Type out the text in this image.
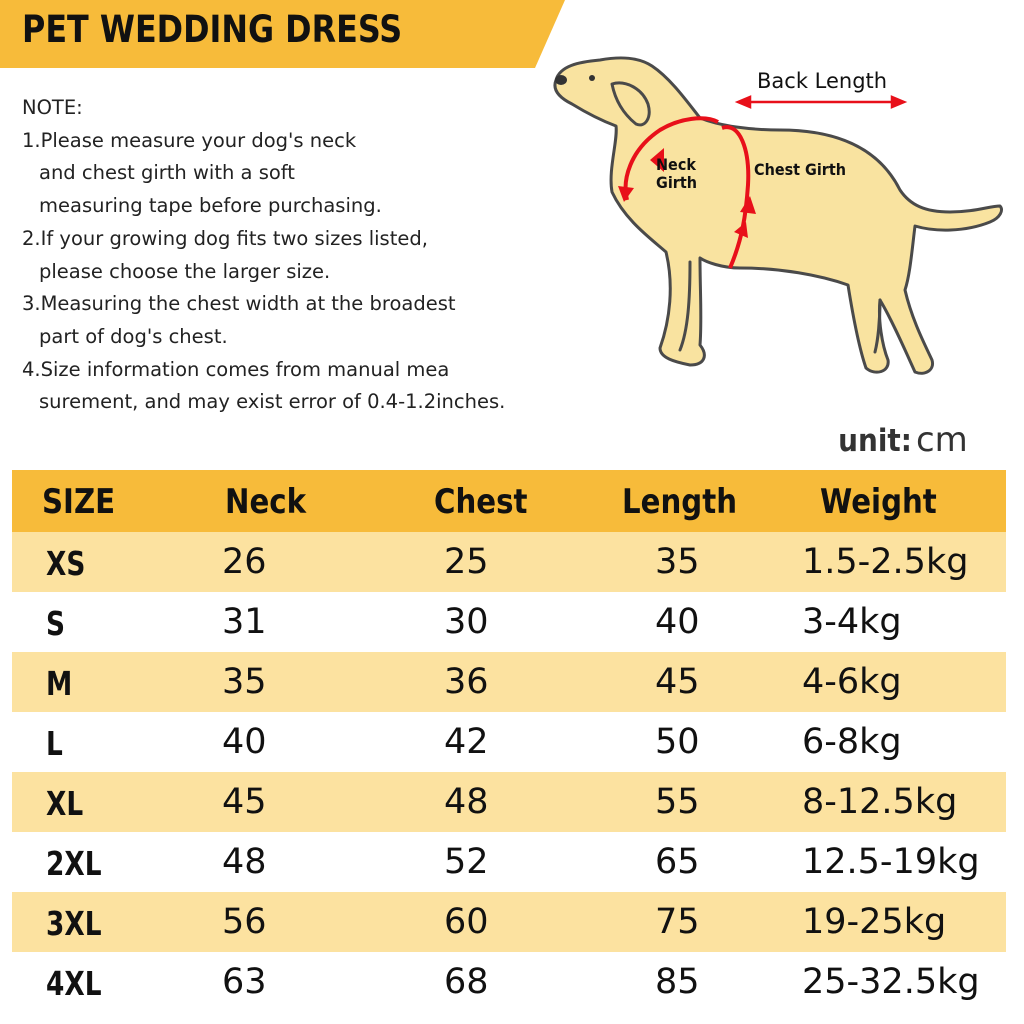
PET WEDDING DRESS
NOTE:
1.Please measure your dog's neck
and chest girth with a soft
measuring tape before purchasing.
2.If your growing dog fits two sizes listed,
please choose the larger size.
3.Measuring the chest width at the broadest
part of dog's chest.
4.Size information comes from manual mea
surement, and may exist error of 0.4-1.2inches.
Back Length
Neck
Girth
Chest Girth
unit: cm
SIZE	Neck	Chest	Length Weight
XS	26	25	35	1.5-2.5kg
S	31	30	40	3-4kg
M	35	36	45	4-6kg
L	40	42	50	6-8kg
XL	45	48	55	8-12.5kg
2XL	48	52	65	12.5-19kg
3XL	56	60	75	19-25kg
4XL	63	68	85	25-32.5kg
